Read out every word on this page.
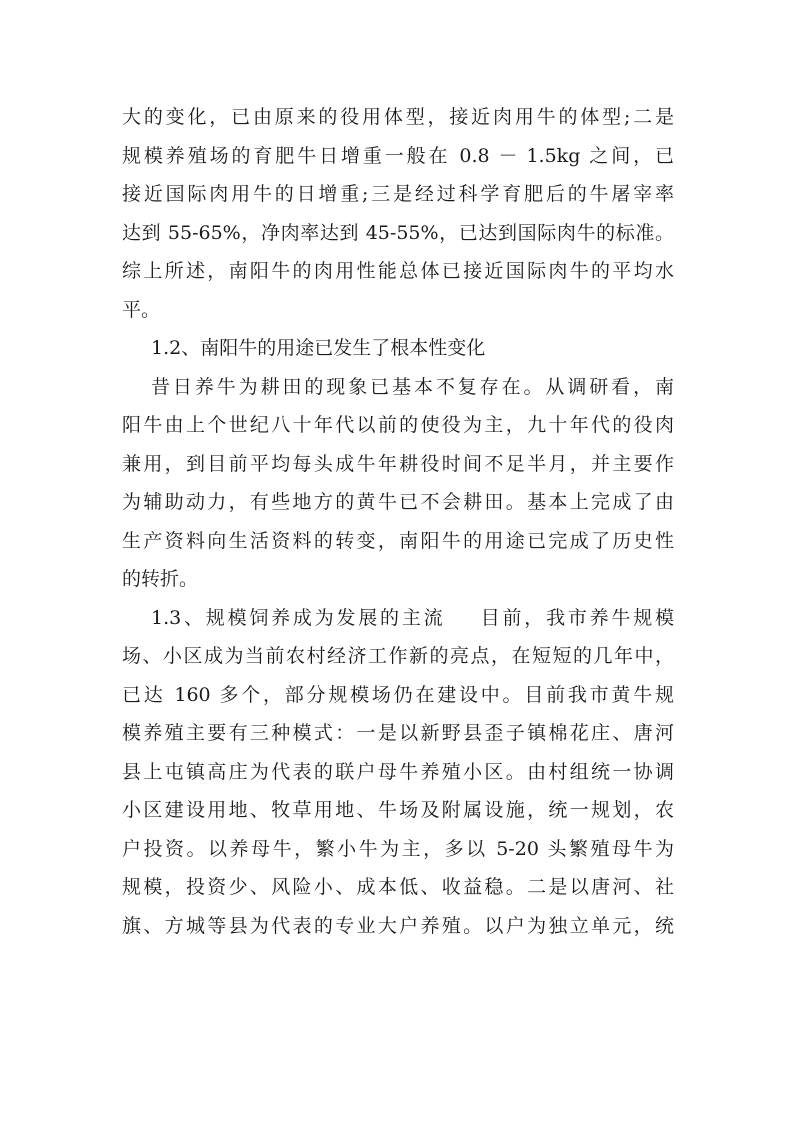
大的变化，已由原来的役用体型，接近肉用牛的体型;二是
规模养殖场的育肥牛日增重一般在 0.8 － 1.5kg 之间，已
接近国际肉用牛的日增重;三是经过科学育肥后的牛屠宰率
达到 55-65%，净肉率达到 45-55%，已达到国际肉牛的标准。
综上所述，南阳牛的肉用性能总体已接近国际肉牛的平均水
平。
1.2、南阳牛的用途已发生了根本性变化
昔日养牛为耕田的现象已基本不复存在。从调研看，南
阳牛由上个世纪八十年代以前的使役为主，九十年代的役肉
兼用，到目前平均每头成牛年耕役时间不足半月，并主要作
为辅助动力，有些地方的黄牛已不会耕田。基本上完成了由
生产资料向生活资料的转变，南阳牛的用途已完成了历史性
的转折。
1.3、规模饲养成为发展的主流    目前，我市养牛规模
场、小区成为当前农村经济工作新的亮点，在短短的几年中，
已达 160 多个，部分规模场仍在建设中。目前我市黄牛规
模养殖主要有三种模式：一是以新野县歪子镇棉花庄、唐河
县上屯镇高庄为代表的联户母牛养殖小区。由村组统一协调
小区建设用地、牧草用地、牛场及附属设施，统一规划，农
户投资。以养母牛，繁小牛为主，多以 5-20 头繁殖母牛为
规模，投资少、风险小、成本低、收益稳。二是以唐河、社
旗、方城等县为代表的专业大户养殖。以户为独立单元，统
